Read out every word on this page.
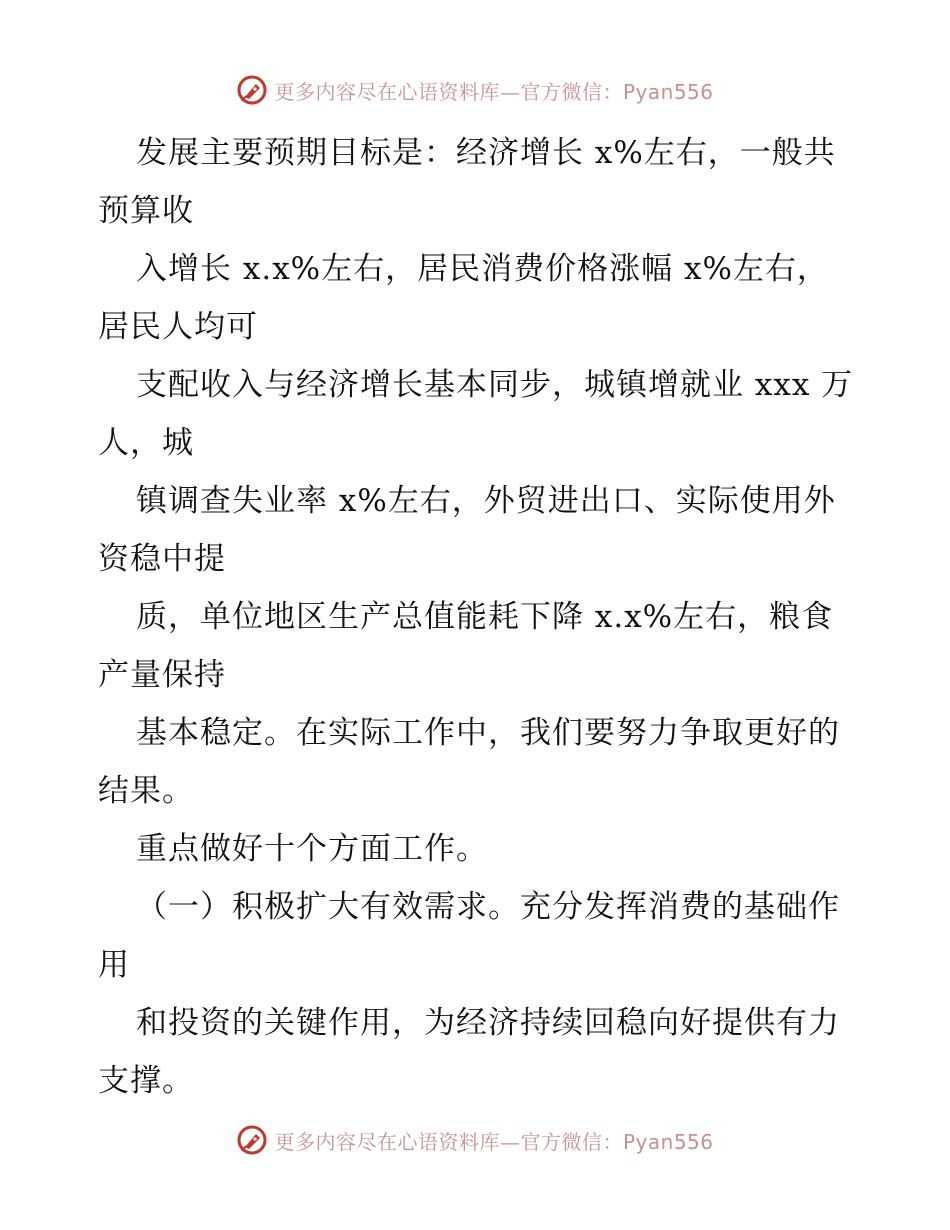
更多内容尽在心语资料库—官方微信：Pyan556

发展主要预期目标是：经济增长 x%左右，一般共预算收

入增长 x.x%左右，居民消费价格涨幅 x%左右，居民人均可

支配收入与经济增长基本同步，城镇增就业 xxx 万人，城

镇调查失业率 x%左右，外贸进出口、实际使用外资稳中提

质，单位地区生产总值能耗下降 x.x%左右，粮食产量保持

基本稳定。在实际工作中，我们要努力争取更好的结果。

重点做好十个方面工作。

（一）积极扩大有效需求。充分发挥消费的基础作用

和投资的关键作用，为经济持续回稳向好提供有力支撑。

更多内容尽在心语资料库—官方微信：Pyan556
